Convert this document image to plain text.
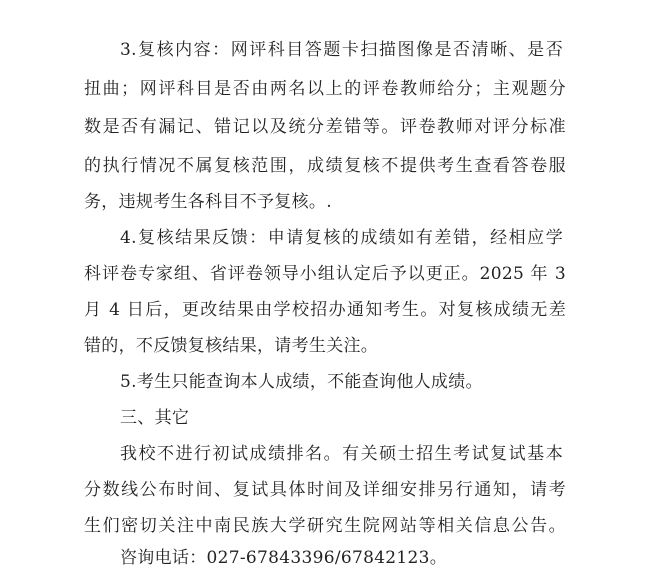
3.复核内容：网评科目答题卡扫描图像是否清晰、是否
扭曲；网评科目是否由两名以上的评卷教师给分；主观题分
数是否有漏记、错记以及统分差错等。评卷教师对评分标准
的执行情况不属复核范围，成绩复核不提供考生查看答卷服
务，违规考生各科目不予复核。.
4.复核结果反馈：申请复核的成绩如有差错，经相应学
科评卷专家组、省评卷领导小组认定后予以更正。2025 年 3
月 4 日后，更改结果由学校招办通知考生。对复核成绩无差
错的，不反馈复核结果，请考生关注。
5.考生只能查询本人成绩，不能查询他人成绩。
三、其它
我校不进行初试成绩排名。有关硕士招生考试复试基本
分数线公布时间、复试具体时间及详细安排另行通知，请考
生们密切关注中南民族大学研究生院网站等相关信息公告。
咨询电话：027-67843396/67842123。
